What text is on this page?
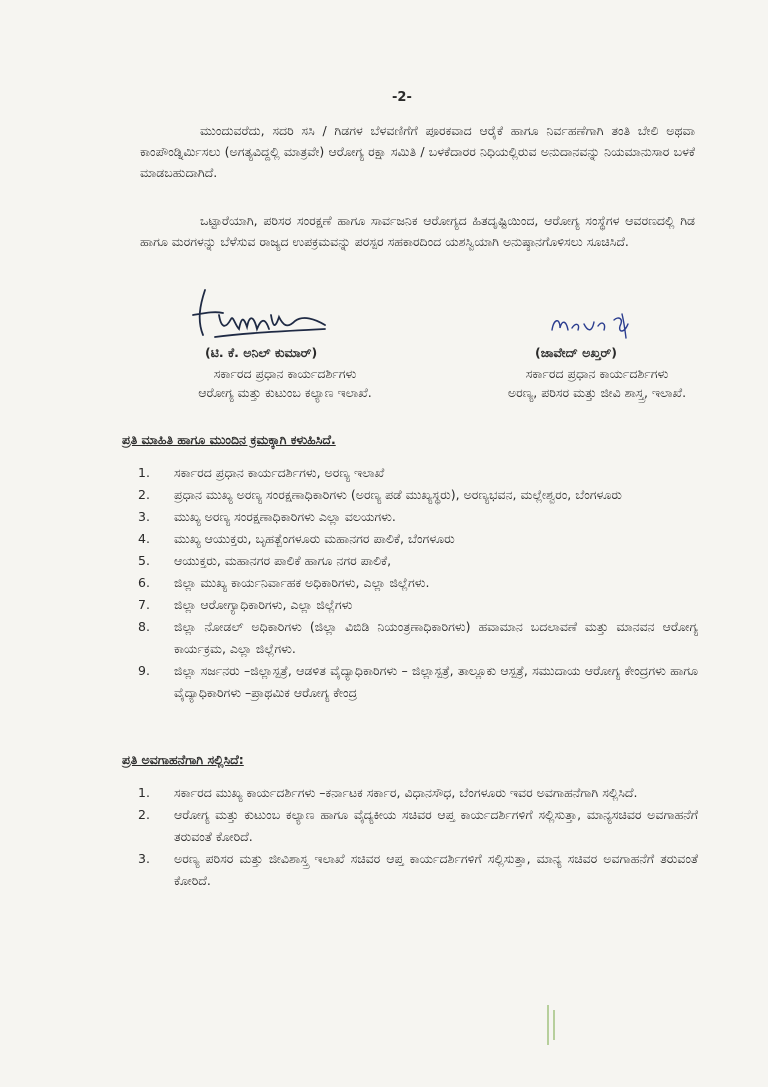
-2-
ಮುಂದುವರೆದು, ಸದರಿ ಸಸಿ / ಗಿಡಗಳ ಬೆಳವಣಿಗೆಗೆ ಪೂರಕವಾದ ಆರೈಕೆ ಹಾಗೂ ನಿರ್ವಹಣೆಗಾಗಿ ತಂತಿ ಬೇಲಿ ಅಥವಾ ಕಾಂಪೌಂಡ್ನಿರ್ಮಿಸಲು (ಅಗತ್ಯವಿದ್ದಲ್ಲಿ ಮಾತ್ರವೇ) ಆರೋಗ್ಯ ರಕ್ಷಾ ಸಮಿತಿ / ಬಳಕೆದಾರರ ನಿಧಿಯಲ್ಲಿರುವ ಅನುದಾನವನ್ನು ನಿಯಮಾನುಸಾರ ಬಳಕೆ ಮಾಡಬಹುದಾಗಿದೆ.
ಒಟ್ಟಾರೆಯಾಗಿ, ಪರಿಸರ ಸಂರಕ್ಷಣೆ ಹಾಗೂ ಸಾರ್ವಜನಿಕ ಆರೋಗ್ಯದ ಹಿತದೃಷ್ಟಿಯಿಂದ, ಆರೋಗ್ಯ ಸಂಸ್ಥೆಗಳ ಆವರಣದಲ್ಲಿ ಗಿಡ ಹಾಗೂ ಮರಗಳನ್ನು ಬೆಳೆಸುವ ರಾಜ್ಯದ ಉಪಕ್ರಮವನ್ನು ಪರಸ್ಪರ ಸಹಕಾರದಿಂದ ಯಶಸ್ವಿಯಾಗಿ ಅನುಷ್ಠಾನಗೊಳಿಸಲು ಸೂಚಿಸಿದೆ.
(ಟಿ. ಕೆ. ಅನಿಲ್ ಕುಮಾರ್)	(ಜಾವೇದ್ ಅಖ್ತರ್)
ಸರ್ಕಾರದ ಪ್ರಧಾನ ಕಾರ್ಯದರ್ಶಿಗಳು
ಆರೋಗ್ಯ ಮತ್ತು ಕುಟುಂಬ ಕಲ್ಯಾಣ ಇಲಾಖೆ.
ಸರ್ಕಾರದ ಪ್ರಧಾನ ಕಾರ್ಯದರ್ಶಿಗಳು
ಅರಣ್ಯ, ಪರಿಸರ ಮತ್ತು ಜೀವಿ ಶಾಸ್ತ್ರ, ಇಲಾಖೆ.
ಪ್ರತಿ ಮಾಹಿತಿ ಹಾಗೂ ಮುಂದಿನ ಕ್ರಮಕ್ಕಾಗಿ ಕಳುಹಿಸಿದೆ.
1. ಸರ್ಕಾರದ ಪ್ರಧಾನ ಕಾರ್ಯದರ್ಶಿಗಳು, ಅರಣ್ಯ ಇಲಾಖೆ
2. ಪ್ರಧಾನ ಮುಖ್ಯ ಅರಣ್ಯ ಸಂರಕ್ಷಣಾಧಿಕಾರಿಗಳು (ಅರಣ್ಯ ಪಡೆ ಮುಖ್ಯಸ್ಥರು), ಅರಣ್ಯಭವನ, ಮಲ್ಲೇಶ್ವರಂ, ಬೆಂಗಳೂರು
3. ಮುಖ್ಯ ಅರಣ್ಯ ಸಂರಕ್ಷಣಾಧಿಕಾರಿಗಳು ಎಲ್ಲಾ ವಲಯಗಳು.
4. ಮುಖ್ಯ ಆಯುಕ್ತರು, ಬೃಹತ್ಬೆಂಗಳೂರು ಮಹಾನಗರ ಪಾಲಿಕೆ, ಬೆಂಗಳೂರು
5. ಆಯುಕ್ತರು, ಮಹಾನಗರ ಪಾಲಿಕೆ ಹಾಗೂ ನಗರ ಪಾಲಿಕೆ,
6. ಜಿಲ್ಲಾ ಮುಖ್ಯ ಕಾರ್ಯನಿರ್ವಾಹಕ ಅಧಿಕಾರಿಗಳು, ಎಲ್ಲಾ ಜಿಲ್ಲೆಗಳು.
7. ಜಿಲ್ಲಾ ಆರೋಗ್ಯಾಧಿಕಾರಿಗಳು, ಎಲ್ಲಾ ಜಿಲ್ಲೆಗಳು
8. ಜಿಲ್ಲಾ ನೋಡಲ್ ಅಧಿಕಾರಿಗಳು (ಜಿಲ್ಲಾ ವಿಬಿಡಿ ನಿಯಂತ್ರಣಾಧಿಕಾರಿಗಳು) ಹವಾಮಾನ ಬದಲಾವಣೆ ಮತ್ತು ಮಾನವನ ಆರೋಗ್ಯ ಕಾರ್ಯಕ್ರಮ, ಎಲ್ಲಾ ಜಿಲ್ಲೆಗಳು.
9. ಜಿಲ್ಲಾ ಸರ್ಜನರು –ಜಿಲ್ಲಾಸ್ಪತ್ರೆ, ಆಡಳಿತ ವೈದ್ಯಾಧಿಕಾರಿಗಳು – ಜಿಲ್ಲಾಸ್ಪತ್ರೆ, ತಾಲ್ಲೂಕು ಆಸ್ಪತ್ರೆ, ಸಮುದಾಯ ಆರೋಗ್ಯ ಕೇಂದ್ರಗಳು ಹಾಗೂ ವೈದ್ಯಾಧಿಕಾರಿಗಳು –ಪ್ರಾಥಮಿಕ ಆರೋಗ್ಯ ಕೇಂದ್ರ
ಪ್ರತಿ ಅವಗಾಹನೆಗಾಗಿ ಸಲ್ಲಿಸಿದೆ:
1. ಸರ್ಕಾರದ ಮುಖ್ಯ ಕಾರ್ಯದರ್ಶಿಗಳು –ಕರ್ನಾಟಕ ಸರ್ಕಾರ, ವಿಧಾನಸೌಧ, ಬೆಂಗಳೂರು ಇವರ ಅವಗಾಹನೆಗಾಗಿ ಸಲ್ಲಿಸಿದೆ.
2. ಆರೋಗ್ಯ ಮತ್ತು ಕುಟುಂಬ ಕಲ್ಯಾಣ ಹಾಗೂ ವೈದ್ಯಕೀಯ ಸಚಿವರ ಆಪ್ತ ಕಾರ್ಯದರ್ಶಿಗಳಿಗೆ ಸಲ್ಲಿಸುತ್ತಾ, ಮಾನ್ಯಸಚಿವರ ಅವಗಾಹನೆಗೆ ತರುವಂತೆ ಕೋರಿದೆ.
3. ಅರಣ್ಯ ಪರಿಸರ ಮತ್ತು ಜೀವಿಶಾಸ್ತ್ರ ಇಲಾಖೆ ಸಚಿವರ ಆಪ್ತ ಕಾರ್ಯದರ್ಶಿಗಳಿಗೆ ಸಲ್ಲಿಸುತ್ತಾ, ಮಾನ್ಯ ಸಚಿವರ ಅವಗಾಹನೆಗೆ ತರುವಂತೆ ಕೋರಿದೆ.
